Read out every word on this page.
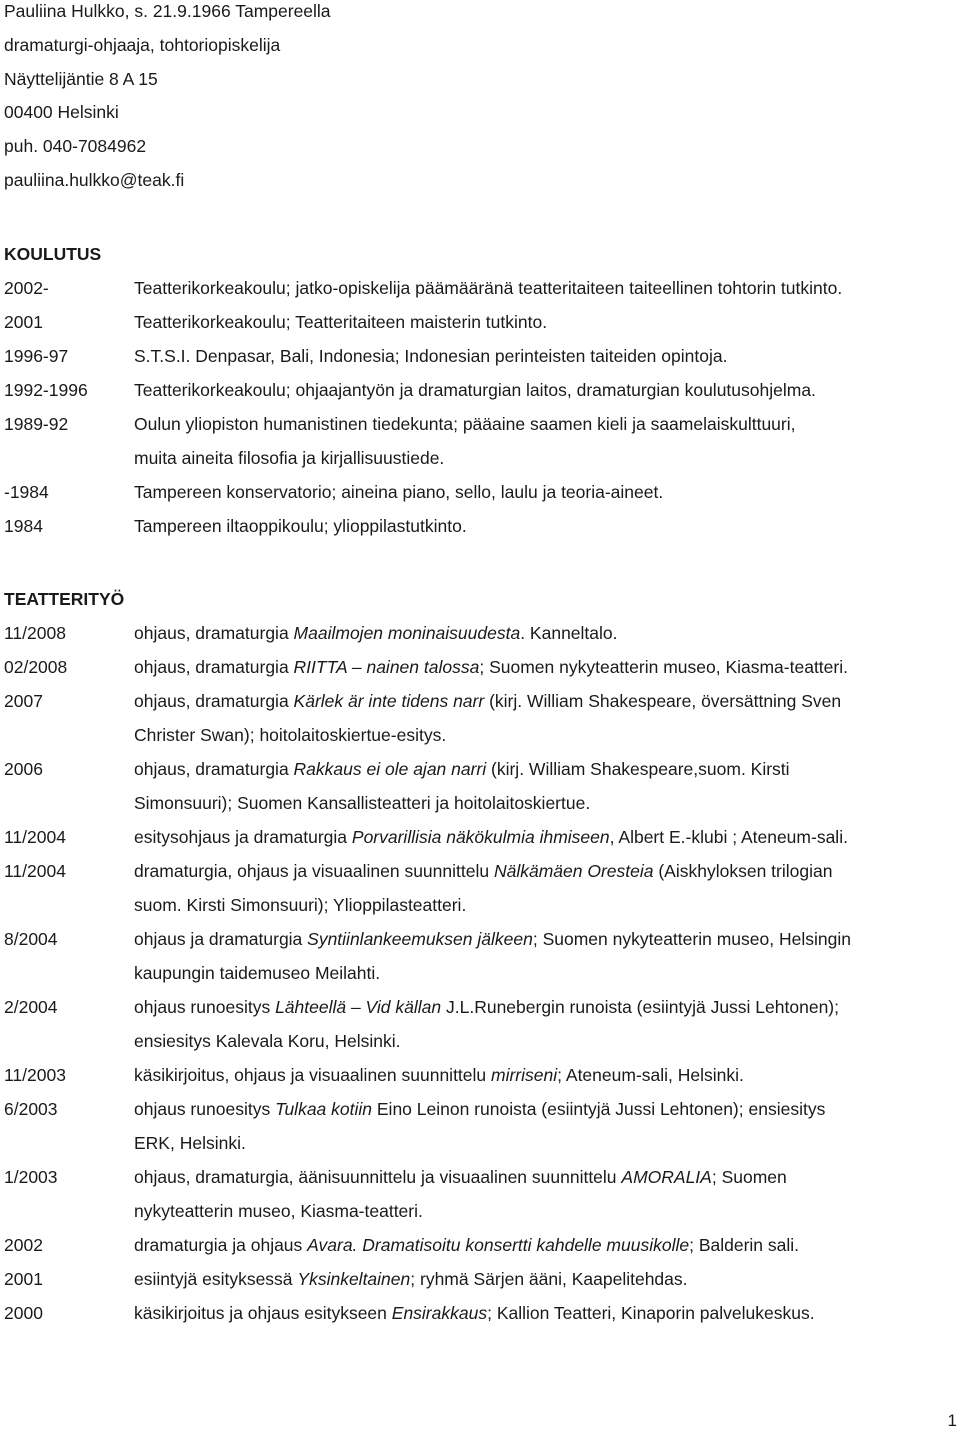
Pauliina Hulkko, s. 21.9.1966 Tampereella
dramaturgi-ohjaaja, tohtoriopiskelija
Näyttelijäntie 8 A 15
00400 Helsinki
puh. 040-7084962
pauliina.hulkko@teak.fi
KOULUTUS
2002-	Teatterikorkeakoulu; jatko-opiskelija päämääränä teatteritaiteen taiteellinen tohtorin tutkinto.
2001	Teatterikorkeakoulu; Teatteritaiteen maisterin tutkinto.
1996-97	S.T.S.I. Denpasar, Bali, Indonesia; Indonesian perinteisten taiteiden opintoja.
1992-1996	Teatterikorkeakoulu; ohjaajantyön ja dramaturgian laitos, dramaturgian koulutusohjelma.
1989-92	Oulun yliopiston humanistinen tiedekunta; pääaine saamen kieli ja saamelaiskulttuuri,
muita aineita filosofia ja kirjallisuustiede.
-1984	Tampereen konservatorio; aineina piano, sello, laulu ja teoria-aineet.
1984	Tampereen iltaoppikoulu; ylioppilastutkinto.
TEATTERITYÖ
11/2008	ohjaus, dramaturgia Maailmojen moninaisuudesta. Kanneltalo.
02/2008	ohjaus, dramaturgia RIITTA – nainen talossa; Suomen nykyteatterin museo, Kiasma-teatteri.
2007	ohjaus, dramaturgia Kärlek är inte tidens narr (kirj. William Shakespeare, översättning Sven
Christer Swan); hoitolaitoskiertue-esitys.
2006	ohjaus, dramaturgia Rakkaus ei ole ajan narri (kirj. William Shakespeare,suom. Kirsti
Simonsuuri); Suomen Kansallisteatteri ja hoitolaitoskiertue.
11/2004	esitysohjaus ja dramaturgia Porvarillisia näkökulmia ihmiseen, Albert E.-klubi ; Ateneum-sali.
11/2004	dramaturgia, ohjaus ja visuaalinen suunnittelu Nälkämäen Oresteia (Aiskhyloksen trilogian
suom. Kirsti Simonsuuri); Ylioppilasteatteri.
8/2004	ohjaus ja dramaturgia Syntiinlankeemuksen jälkeen; Suomen nykyteatterin museo, Helsingin
kaupungin taidemuseo Meilahti.
2/2004	ohjaus runoesitys Lähteellä – Vid källan J.L.Runebergin runoista (esiintyjä Jussi Lehtonen);
ensiesitys Kalevala Koru, Helsinki.
11/2003	käsikirjoitus, ohjaus ja visuaalinen suunnittelu mirriseni; Ateneum-sali, Helsinki.
6/2003	ohjaus runoesitys Tulkaa kotiin Eino Leinon runoista (esiintyjä Jussi Lehtonen); ensiesitys
ERK, Helsinki.
1/2003	ohjaus, dramaturgia, äänisuunnittelu ja visuaalinen suunnittelu AMORALIA; Suomen
nykyteatterin museo, Kiasma-teatteri.
2002	dramaturgia ja ohjaus Avara. Dramatisoitu konsertti kahdelle muusikolle; Balderin sali.
2001	esiintyjä esityksessä Yksinkeltainen; ryhmä Särjen ääni, Kaapelitehdas.
2000	käsikirjoitus ja ohjaus esitykseen Ensirakkaus; Kallion Teatteri, Kinaporin palvelukeskus.
1
